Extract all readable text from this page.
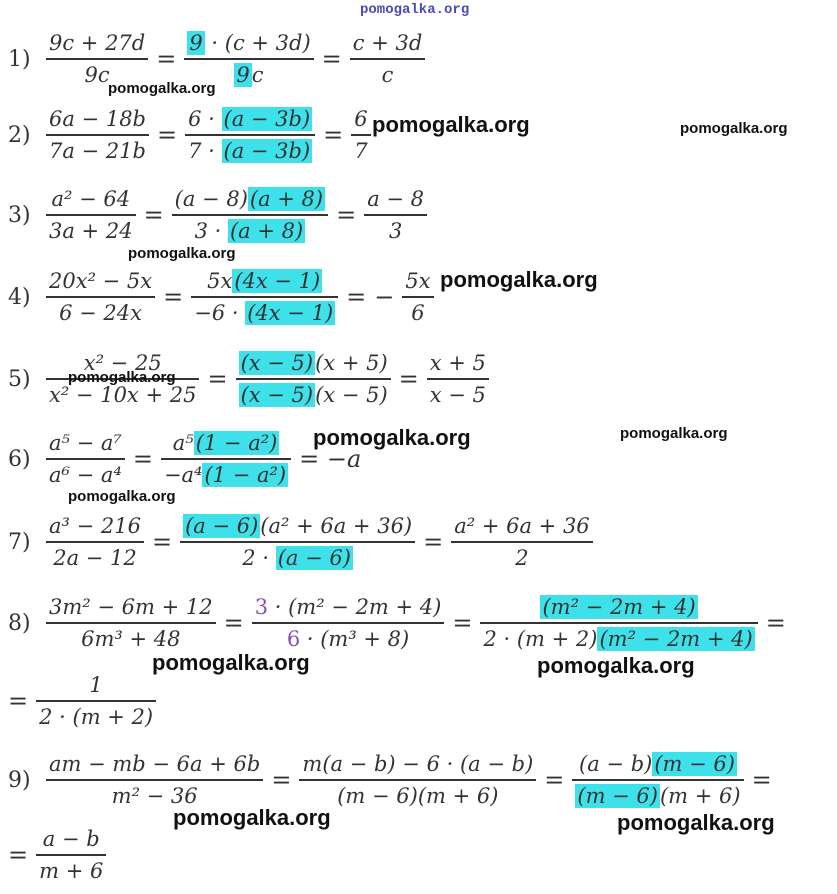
pomogalka.org
$1) \frac{9c + 27d}{9c} = \frac{9 \cdot (c + 3d)}{9c} = \frac{c + 3d}{c}$
$2) \frac{6a - 18b}{7a - 21b} = \frac{6 \cdot (a - 3b)}{7 \cdot (a - 3b)} = \frac{6}{7}$
$3) \frac{\text{a² − 64}}{3a + 24} = \frac{(a - 8)(a + 8)}{3 \cdot (a + 8)} = \frac{a - 8}{3}$
$4) \frac{\text{20x² − 5x}}{6 - 24x} = \frac{5x(4x - 1)}{-6 \cdot (4x - 1)}$ = − $\frac{5x}{6}$
$5) \frac{\text{x² − 25}}{\text{x² − 10x + 25}} = \frac{(x - 5)(x + 5)}{(x - 5)(x - 5)} = \frac{x + 5}{x - 5}$
$6) \frac{\text{a⁵ − a⁷}}{\text{a⁶ − a⁴}} = \frac{\text{a⁵(1 − a²)}}{\text{−a⁴(1 − a²)}} = -a$
$7) \frac{\text{a³ − 216}}{2a - 12} = \frac{\text{(a − 6)(a² + 6a + 36)}}{2 \cdot (a - 6)} = \frac{\text{a² + 6a + 36}}{2}$
$8) \frac{\text{3m² − 6m + 12}}{\text{6m³ + 48}} = \frac{\text{3 · (m² − 2m + 4)}}{\text{6 · (m³ + 8)}} = \frac{\text{(m² − 2m + 4)}}{\text{2 · (m + 2)(m² − 2m + 4)}}$ =
= $\frac{1}{2 \cdot (m + 2)}$
$9) \frac{am - mb - 6a + 6b}{\text{m² − 36}} = \frac{m(a - b) - 6 \cdot (a - b)}{(m - 6)(m + 6)} = \frac{(a - b)(m - 6)}{(m - 6)(m + 6)}$ =
= $\frac{a - b}{m + 6}$
pomogalka.org
pomogalka.org	pomogalka.org
pomogalka.org
pomogalka.org
pomogalka.org
pomogalka.org	pomogalka.org
pomogalka.org
pomogalka.org	pomogalka.org
pomogalka.org	pomogalka.org
